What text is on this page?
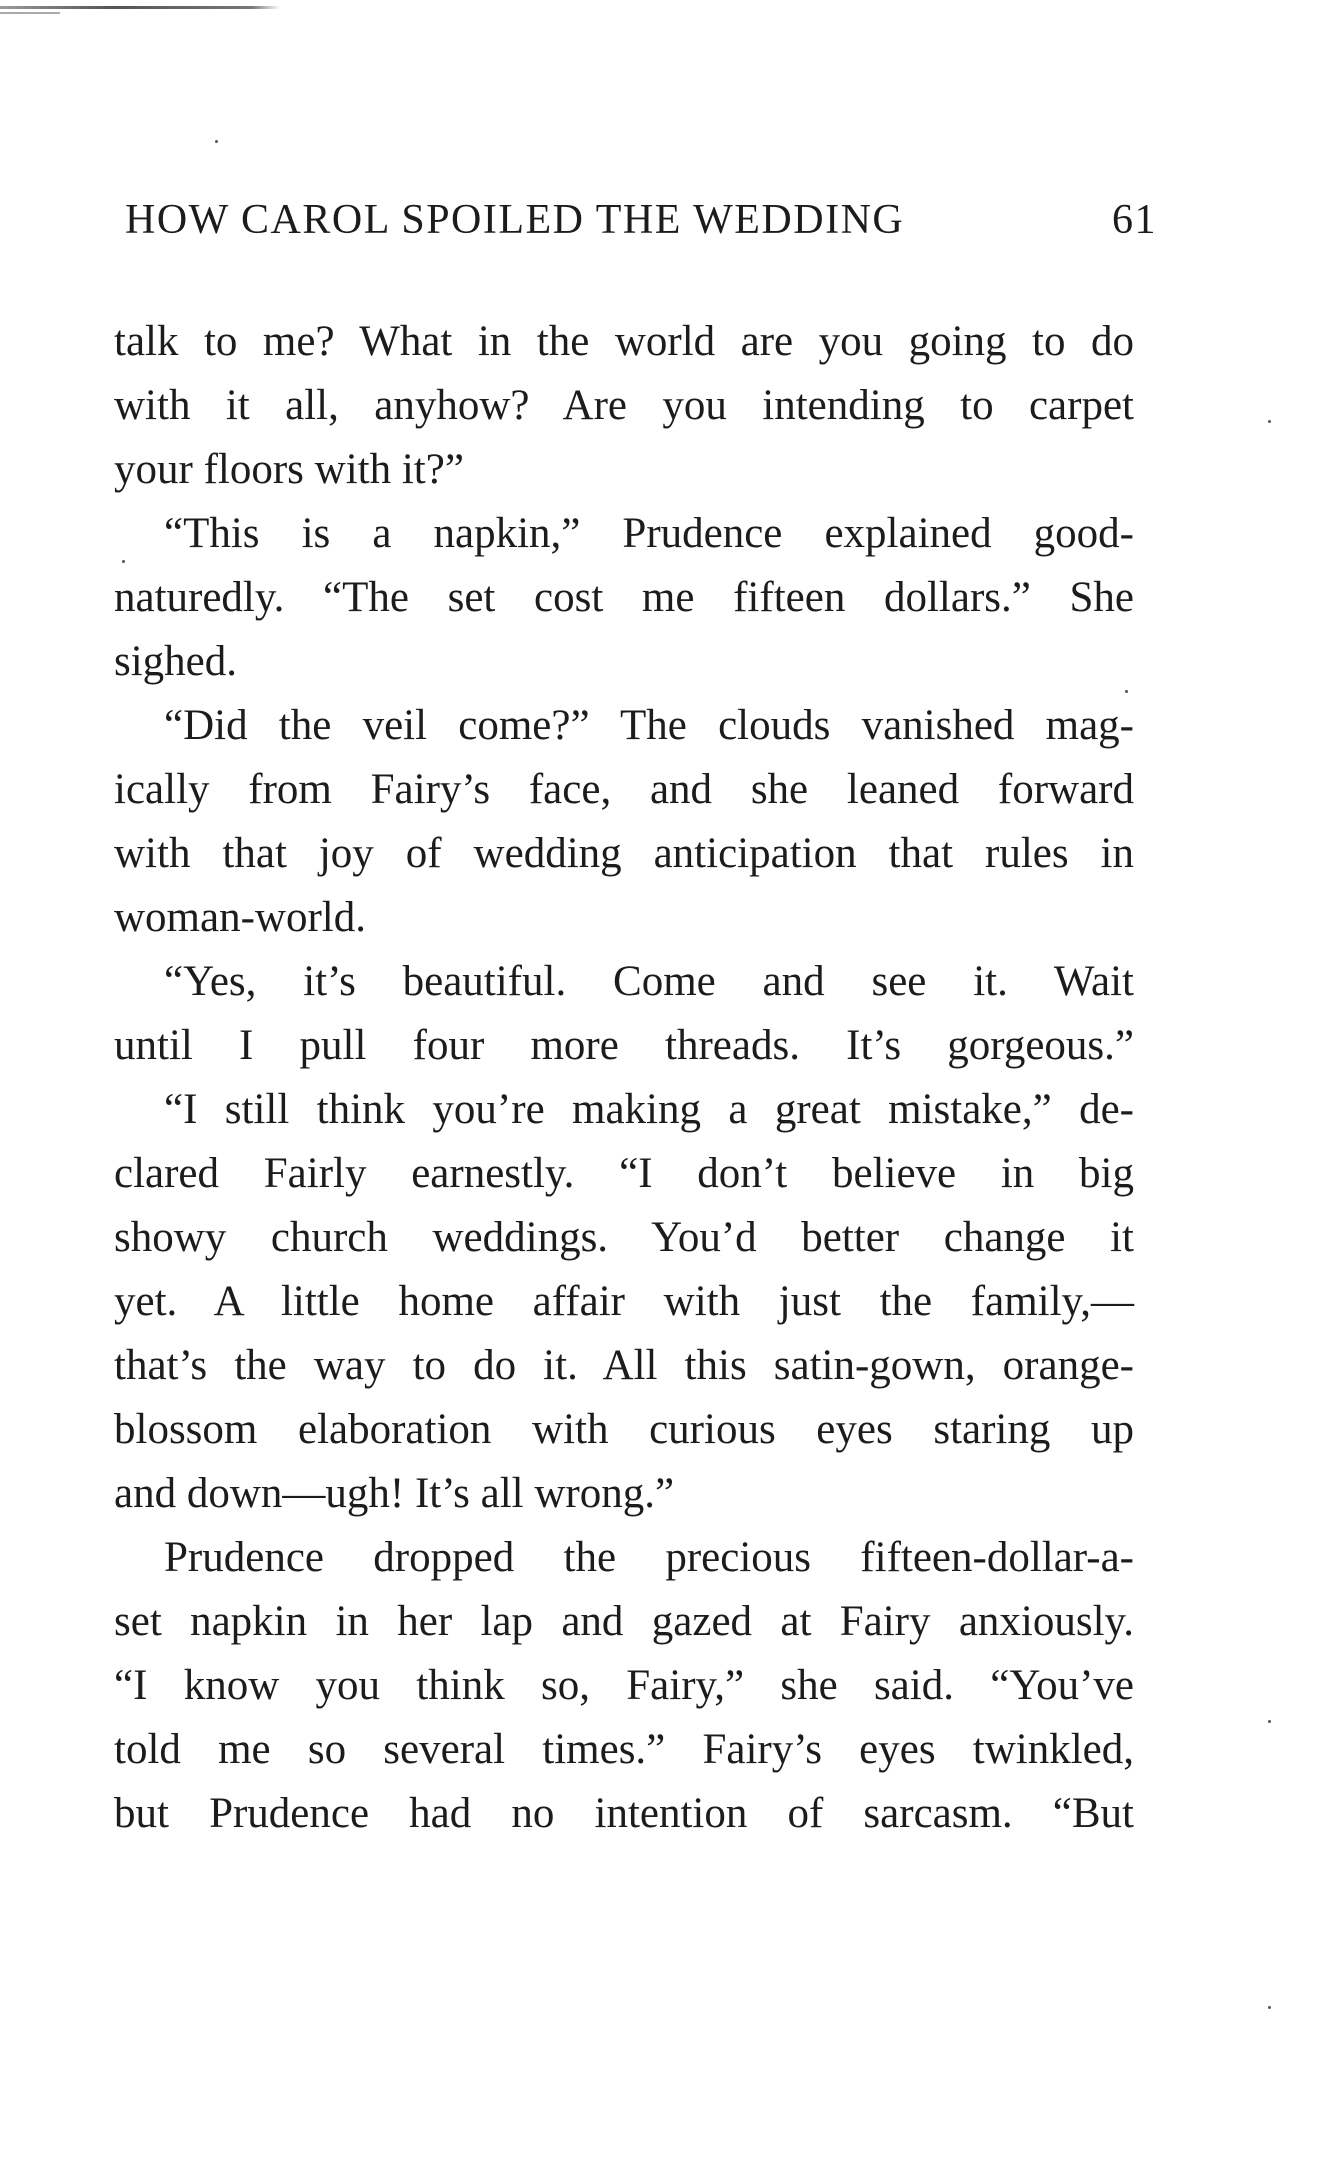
HOW CAROL SPOILED THE WEDDING	61
talk to me? What in the world are you going to do
with it all, anyhow? Are you intending to carpet
your floors with it?”
“This is a napkin,” Prudence explained good-
naturedly. “The set cost me fifteen dollars.” She
sighed.
“Did the veil come?” The clouds vanished mag-
ically from Fairy’s face, and she leaned forward
with that joy of wedding anticipation that rules in
woman-world.
“Yes, it’s beautiful. Come and see it. Wait
until I pull four more threads. It’s gorgeous.”
“I still think you’re making a great mistake,” de-
clared Fairly earnestly. “I don’t believe in big
showy church weddings. You’d better change it
yet. A little home affair with just the family,—
that’s the way to do it. All this satin-gown, orange-
blossom elaboration with curious eyes staring up
and down—ugh! It’s all wrong.”
Prudence dropped the precious fifteen-dollar-a-
set napkin in her lap and gazed at Fairy anxiously.
“I know you think so, Fairy,” she said. “You’ve
told me so several times.” Fairy’s eyes twinkled,
but Prudence had no intention of sarcasm. “But
